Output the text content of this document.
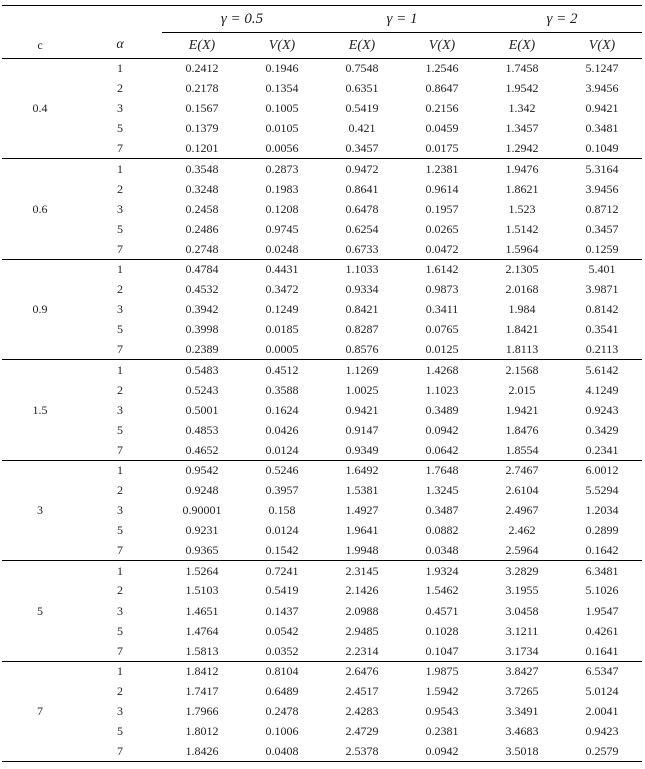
		γ = 0.5		γ = 1		γ = 2	
c	α	E(X)	V(X)	E(X)	V(X)	E(X)	V(X)
0.4	1	0.2412	0.1946	0.7548	1.2546	1.7458	5.1247
	2	0.2178	0.1354	0.6351	0.8647	1.9542	3.9456
	3	0.1567	0.1005	0.5419	0.2156	1.342	0.9421
	5	0.1379	0.0105	0.421	0.0459	1.3457	0.3481
	7	0.1201	0.0056	0.3457	0.0175	1.2942	0.1049
0.6	1	0.3548	0.2873	0.9472	1.2381	1.9476	5.3164
	2	0.3248	0.1983	0.8641	0.9614	1.8621	3.9456
	3	0.2458	0.1208	0.6478	0.1957	1.523	0.8712
	5	0.2486	0.9745	0.6254	0.0265	1.5142	0.3457
	7	0.2748	0.0248	0.6733	0.0472	1.5964	0.1259
0.9	1	0.4784	0.4431	1.1033	1.6142	2.1305	5.401
	2	0.4532	0.3472	0.9334	0.9873	2.0168	3.9871
	3	0.3942	0.1249	0.8421	0.3411	1.984	0.8142
	5	0.3998	0.0185	0.8287	0.0765	1.8421	0.3541
	7	0.2389	0.0005	0.8576	0.0125	1.8113	0.2113
1.5	1	0.5483	0.4512	1.1269	1.4268	2.1568	5.6142
	2	0.5243	0.3588	1.0025	1.1023	2.015	4.1249
	3	0.5001	0.1624	0.9421	0.3489	1.9421	0.9243
	5	0.4853	0.0426	0.9147	0.0942	1.8476	0.3429
	7	0.4652	0.0124	0.9349	0.0642	1.8554	0.2341
3	1	0.9542	0.5246	1.6492	1.7648	2.7467	6.0012
	2	0.9248	0.3957	1.5381	1.3245	2.6104	5.5294
	3	0.90001	0.158	1.4927	0.3487	2.4967	1.2034
	5	0.9231	0.0124	1.9641	0.0882	2.462	0.2899
	7	0.9365	0.1542	1.9948	0.0348	2.5964	0.1642
5	1	1.5264	0.7241	2.3145	1.9324	3.2829	6.3481
	2	1.5103	0.5419	2.1426	1.5462	3.1955	5.1026
	3	1.4651	0.1437	2.0988	0.4571	3.0458	1.9547
	5	1.4764	0.0542	2.9485	0.1028	3.1211	0.4261
	7	1.5813	0.0352	2.2314	0.1047	3.1734	0.1641
7	1	1.8412	0.8104	2.6476	1.9875	3.8427	6.5347
	2	1.7417	0.6489	2.4517	1.5942	3.7265	5.0124
	3	1.7966	0.2478	2.4283	0.9543	3.3491	2.0041
	5	1.8012	0.1006	2.4729	0.2381	3.4683	0.9423
	7	1.8426	0.0408	2.5378	0.0942	3.5018	0.2579
